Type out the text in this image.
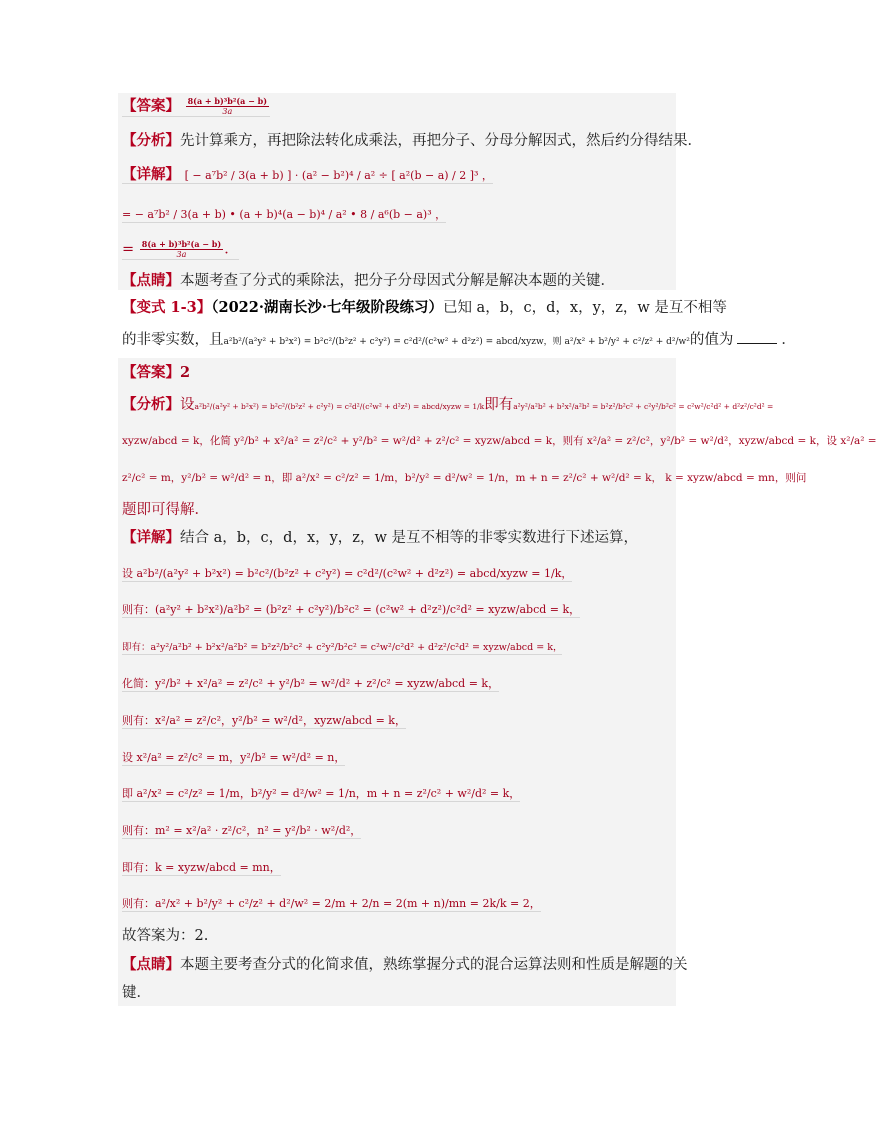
【答案】 $\frac{\text{8(a + b)³b²(a − b)}}{3a}$
【分析】先计算乘方，再把除法转化成乘法，再把分子、分母分解因式，然后约分得结果．
【详解】 [ − a⁷b² / 3(a + b) ] · (a² − b²)⁴ / a² ÷ [ a²(b − a) / 2 ]³ ，
= − a⁷b² / 3(a + b) • (a + b)⁴(a − b)⁴ / a² • 8 / a⁶(b − a)³ ，
= $\frac{\text{8(a + b)³b²(a − b)}}{3a}$ ．
【点睛】本题考查了分式的乘除法，把分子分母因式分解是解决本题的关键．
【变式 1-3】（2022·湖南长沙·七年级阶段练习）已知 a，b，c，d，x，y，z，w 是互不相等
的非零实数，且a²b²/(a²y² + b²x²) = b²c²/(b²z² + c²y²) = c²d²/(c²w² + d²z²) = abcd/xyzw，则 a²/x² + b²/y² + c²/z² + d²/w²的值为	．
【答案】2
【分析】设a²b²/(a²y² + b²x²) = b²c²/(b²z² + c²y²) = c²d²/(c²w² + d²z²) = abcd/xyzw = 1/k即有a²y²/a²b² + b²x²/a²b² = b²z²/b²c² + c²y²/b²c² = c²w²/c²d² + d²z²/c²d² =
xyzw/abcd = k，化简 y²/b² + x²/a² = z²/c² + y²/b² = w²/d² + z²/c² = xyzw/abcd = k，则有 x²/a² = z²/c²，y²/b² = w²/d²，xyzw/abcd = k，设 x²/a² =
z²/c² = m，y²/b² = w²/d² = n，即 a²/x² = c²/z² = 1/m，b²/y² = d²/w² = 1/n，m + n = z²/c² + w²/d² = k， k = xyzw/abcd = mn，则问
题即可得解．
【详解】结合 a，b，c，d，x，y，z，w 是互不相等的非零实数进行下述运算，
设 a²b²/(a²y² + b²x²) = b²c²/(b²z² + c²y²) = c²d²/(c²w² + d²z²) = abcd/xyzw = 1/k，
则有：(a²y² + b²x²)/a²b² = (b²z² + c²y²)/b²c² = (c²w² + d²z²)/c²d² = xyzw/abcd = k，
即有：a²y²/a²b² + b²x²/a²b² = b²z²/b²c² + c²y²/b²c² = c²w²/c²d² + d²z²/c²d² = xyzw/abcd = k，
化简：y²/b² + x²/a² = z²/c² + y²/b² = w²/d² + z²/c² = xyzw/abcd = k，
则有：x²/a² = z²/c²，y²/b² = w²/d²，xyzw/abcd = k，
设 x²/a² = z²/c² = m，y²/b² = w²/d² = n，
即 a²/x² = c²/z² = 1/m，b²/y² = d²/w² = 1/n，m + n = z²/c² + w²/d² = k，
则有：m² = x²/a² · z²/c²，n² = y²/b² · w²/d²，
即有：k = xyzw/abcd = mn，
则有：a²/x² + b²/y² + c²/z² + d²/w² = 2/m + 2/n = 2(m + n)/mn = 2k/k = 2，
故答案为：2.
【点睛】本题主要考查分式的化简求值，熟练掌握分式的混合运算法则和性质是解题的关
键．
